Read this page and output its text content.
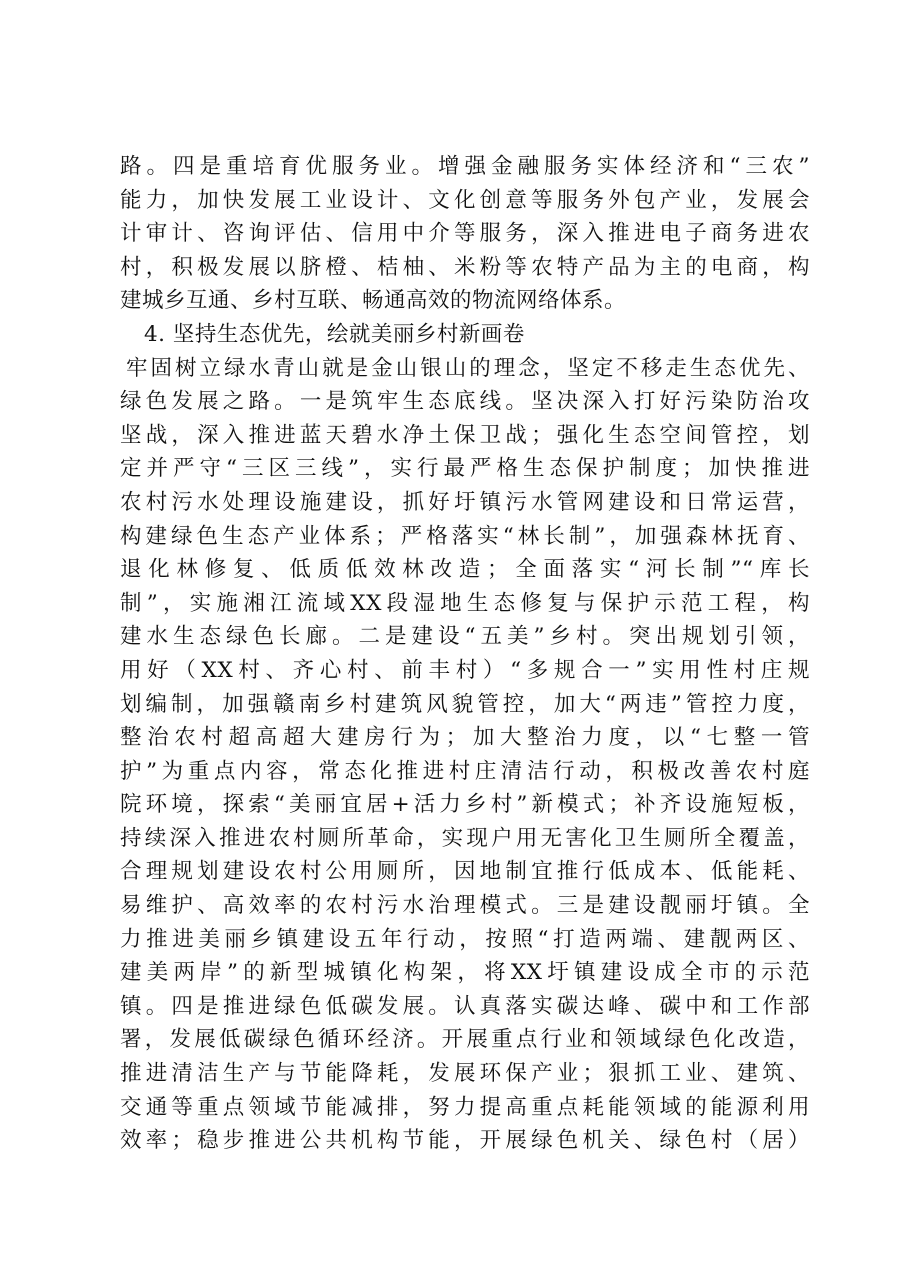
路。四是重培育优服务业。增强金融服务实体经济和“三农”
能力，加快发展工业设计、文化创意等服务外包产业，发展会
计审计、咨询评估、信用中介等服务，深入推进电子商务进农
村，积极发展以脐橙、桔柚、米粉等农特产品为主的电商，构
建城乡互通、乡村互联、畅通高效的物流网络体系。
4. 坚持生态优先，绘就美丽乡村新画卷
牢固树立绿水青山就是金山银山的理念，坚定不移走生态优先、
绿色发展之路。一是筑牢生态底线。坚决深入打好污染防治攻
坚战，深入推进蓝天碧水净土保卫战；强化生态空间管控，划
定并严守“三区三线”，实行最严格生态保护制度；加快推进
农村污水处理设施建设，抓好圩镇污水管网建设和日常运营，
构建绿色生态产业体系；严格落实“林长制”，加强森林抚育、
退化林修复、低质低效林改造；全面落实“河长制”“库长
制”，实施湘江流域XX段湿地生态修复与保护示范工程，构
建水生态绿色长廊。二是建设“五美”乡村。突出规划引领，
用好（XX村、齐心村、前丰村）“多规合一”实用性村庄规
划编制，加强赣南乡村建筑风貌管控，加大“两违”管控力度，
整治农村超高超大建房行为；加大整治力度，以“七整一管
护”为重点内容，常态化推进村庄清洁行动，积极改善农村庭
院环境，探索“美丽宜居+活力乡村”新模式；补齐设施短板，
持续深入推进农村厕所革命，实现户用无害化卫生厕所全覆盖，
合理规划建设农村公用厕所，因地制宜推行低成本、低能耗、
易维护、高效率的农村污水治理模式。三是建设靓丽圩镇。全
力推进美丽乡镇建设五年行动，按照“打造两端、建靓两区、
建美两岸”的新型城镇化构架，将XX圩镇建设成全市的示范
镇。四是推进绿色低碳发展。认真落实碳达峰、碳中和工作部
署，发展低碳绿色循环经济。开展重点行业和领域绿色化改造，
推进清洁生产与节能降耗，发展环保产业；狠抓工业、建筑、
交通等重点领域节能减排，努力提高重点耗能领域的能源利用
效率；稳步推进公共机构节能，开展绿色机关、绿色村（居）
